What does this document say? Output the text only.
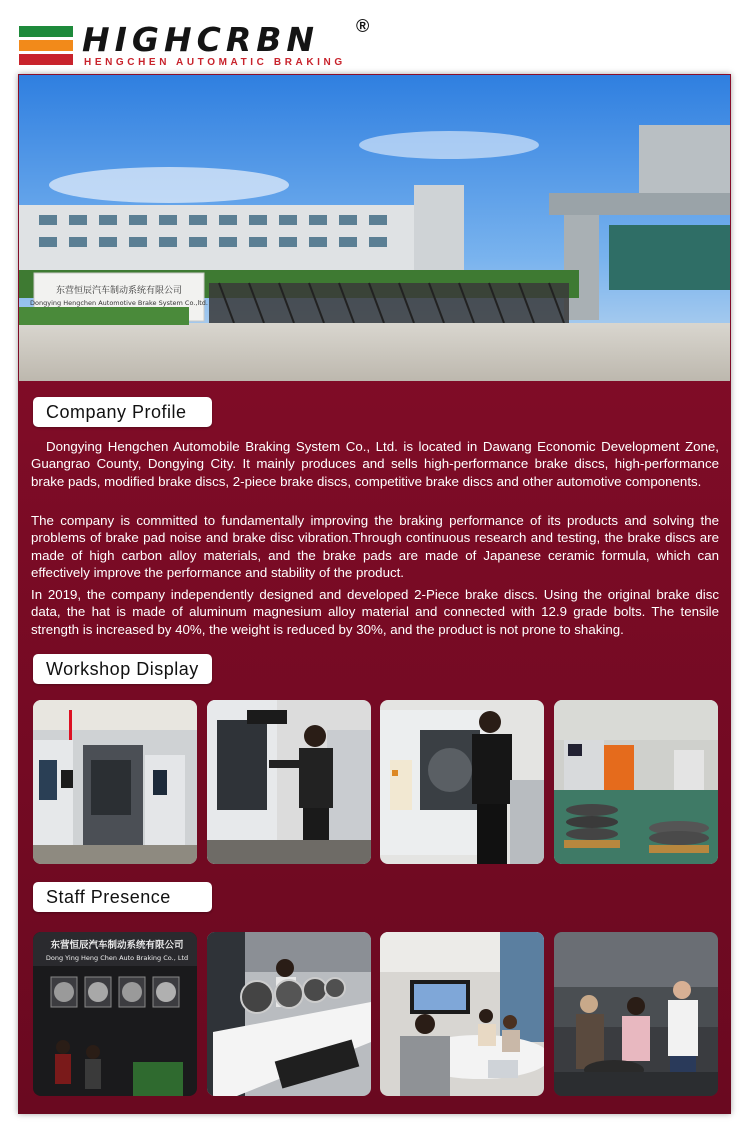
HIGHCRBN ®
HENGCHEN AUTOMATIC BRAKING
东营恒辰汽车制动系统有限公司
Dongying Hengchen Automotive Brake System Co.,ltd.
Company Profile

Dongying Hengchen Automobile Braking System Co., Ltd. is located in Dawang Economic Development Zone, Guangrao County, Dongying City. It mainly produces and sells high-performance brake discs, high-performance brake pads, modified brake discs, 2-piece brake discs, competitive brake discs and other automotive components.

The company is committed to fundamentally improving the braking performance of its products and solving the problems of brake pad noise and brake disc vibration.Through continuous research and testing, the brake discs are made of high carbon alloy materials, and the brake pads are made of Japanese ceramic formula, which can effectively improve the performance and stability of the product.

In 2019, the company independently designed and developed 2-Piece brake discs. Using the original brake disc data, the hat is made of aluminum magnesium alloy material and connected with 12.9 grade bolts. The tensile strength is increased by 40%, the weight is reduced by 30%, and the product is not prone to shaking.

Workshop Display
Staff Presence
东营恒辰汽车制动系统有限公司
Dong Ying Heng Chen Auto Braking Co., Ltd
